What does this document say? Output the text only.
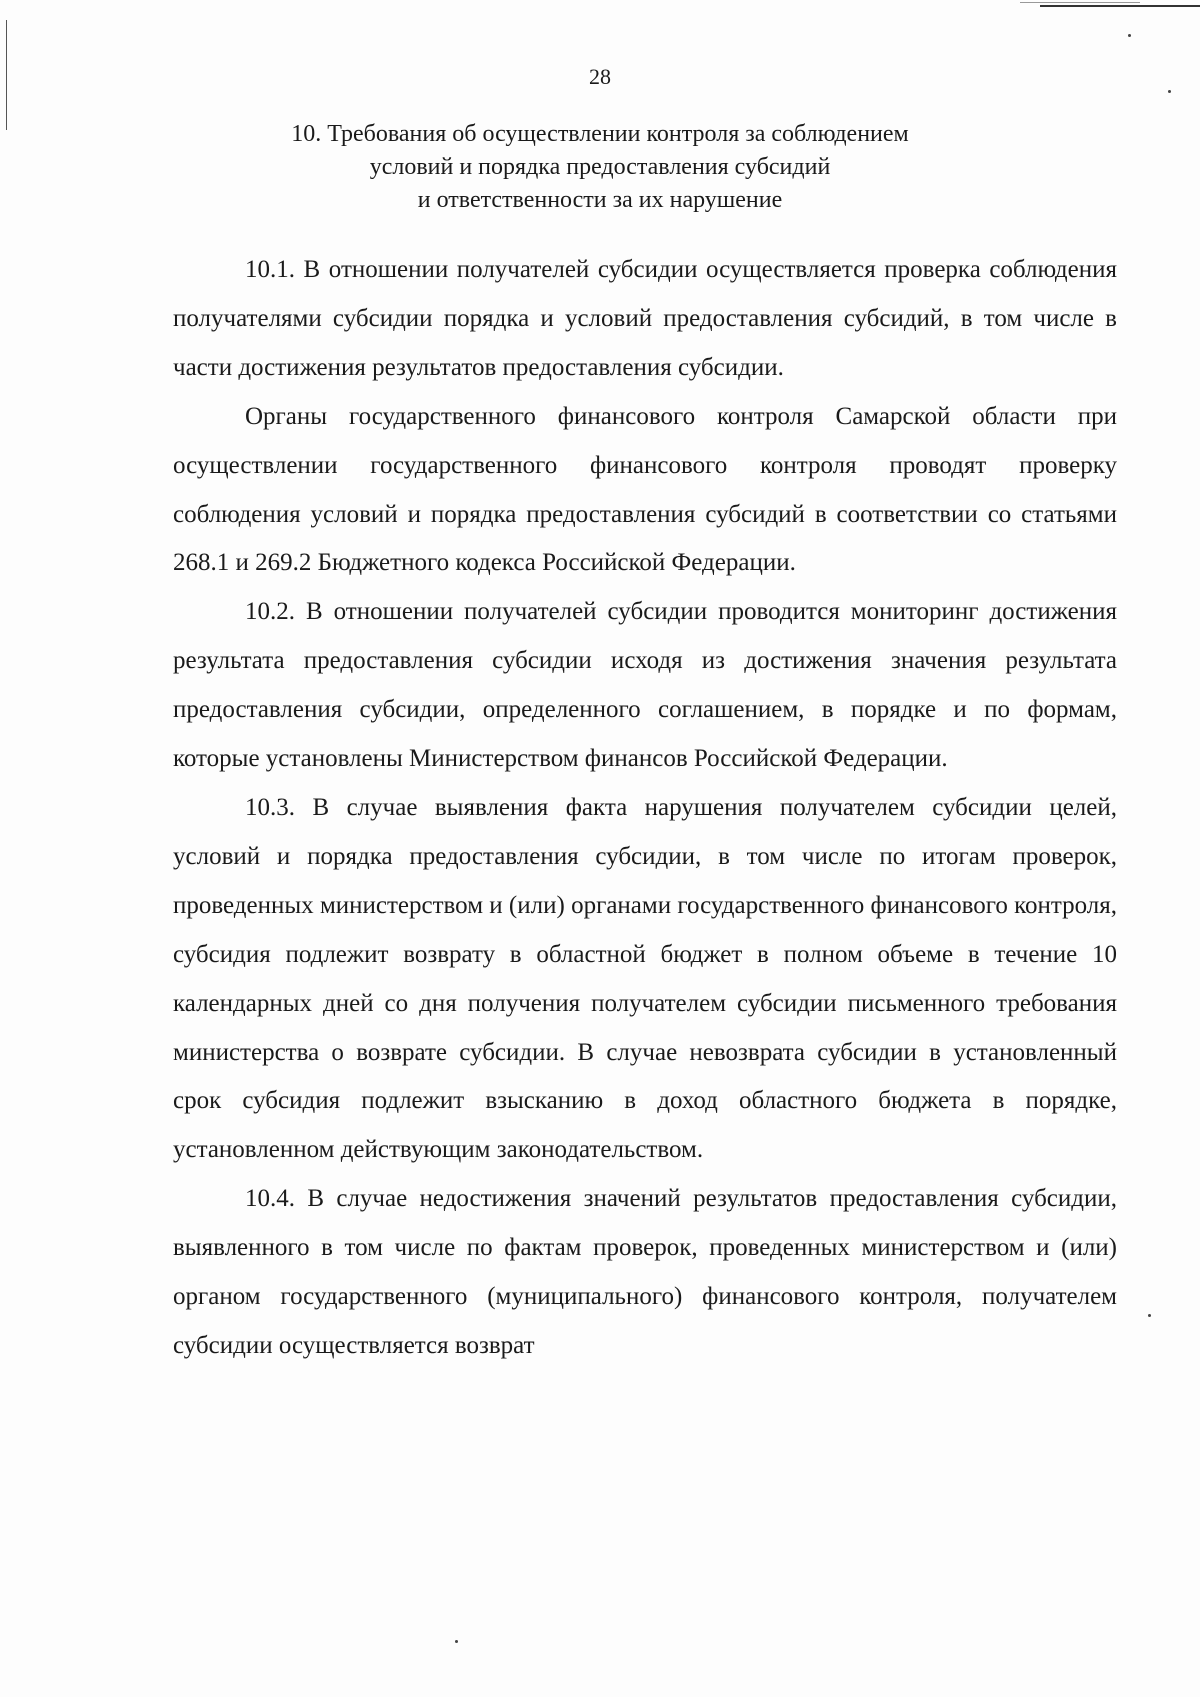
28
10. Требования об осуществлении контроля за соблюдением
условий и порядка предоставления субсидий
и ответственности за их нарушение

10.1. В отношении получателей субсидии осуществляется проверка соблюдения получателями субсидии порядка и условий предоставления субсидий, в том числе в части достижения результатов предоставления субсидии.

Органы государственного финансового контроля Самарской области при осуществлении государственного финансового контроля проводят проверку соблюдения условий и порядка предоставления субсидий в соответствии со статьями 268.1 и 269.2 Бюджетного кодекса Российской Федерации.

10.2. В отношении получателей субсидии проводится мониторинг достижения результата предоставления субсидии исходя из достижения значения результата предоставления субсидии, определенного соглашением, в порядке и по формам, которые установлены Министерством финансов Российской Федерации.

10.3. В случае выявления факта нарушения получателем субсидии целей, условий и порядка предоставления субсидии, в том числе по итогам проверок, проведенных министерством и (или) органами государственного финансового контроля, субсидия подлежит возврату в областной бюджет в полном объеме в течение 10 календарных дней со дня получения получателем субсидии письменного требования министерства о возврате субсидии. В случае невозврата субсидии в установленный срок субсидия подлежит взысканию в доход областного бюджета в порядке, установленном действующим законодательством.

10.4. В случае недостижения значений результатов предоставления субсидии, выявленного в том числе по фактам проверок, проведенных министерством и (или) органом государственного (муниципального) финансового контроля, получателем субсидии осуществляется возврат
